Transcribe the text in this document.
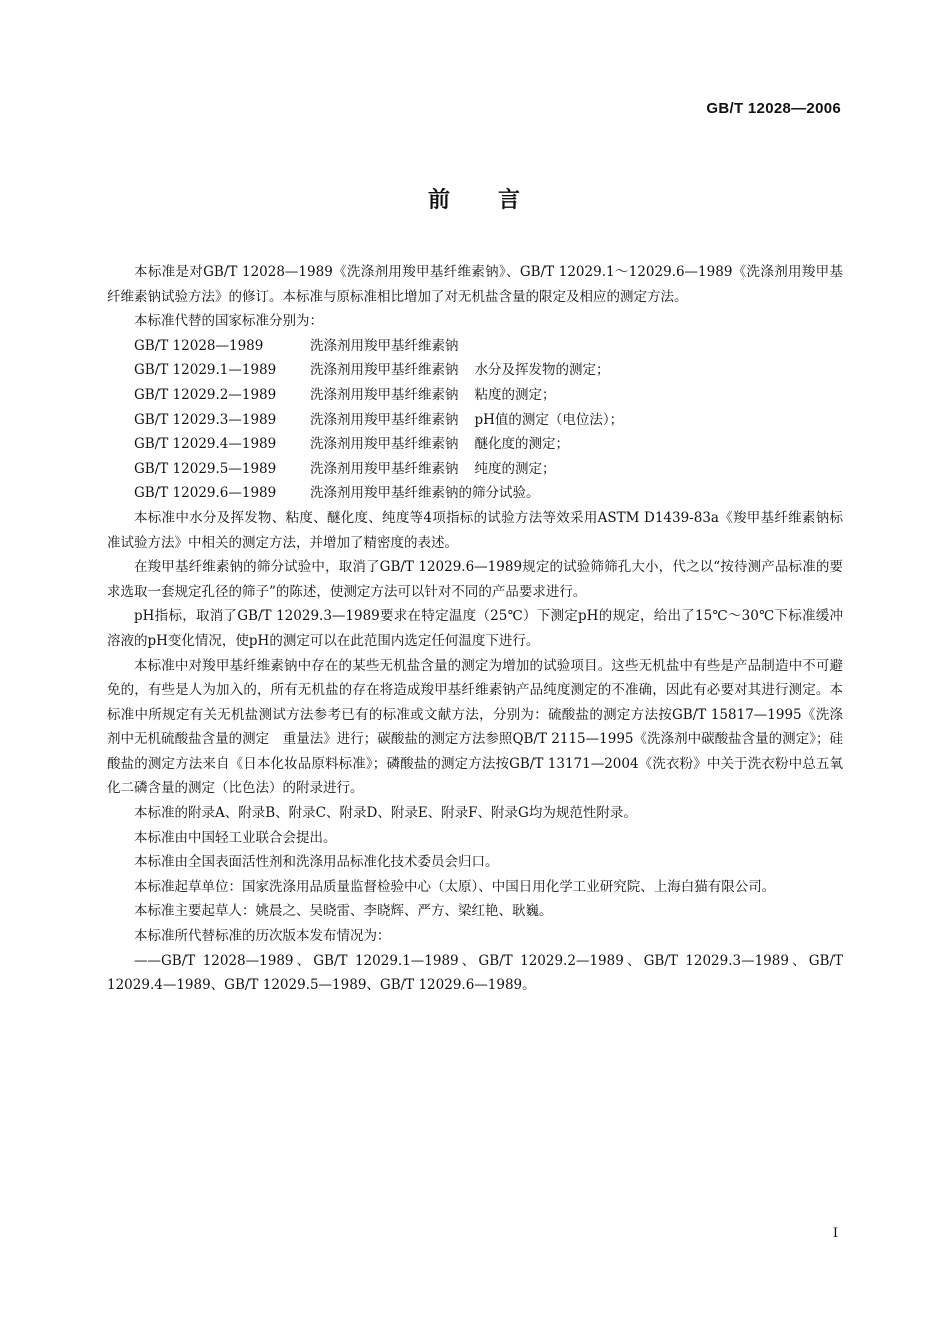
GB/T 12028—2006
前 言

本标准是对GB/T 12028—1989《洗涤剂用羧甲基纤维素钠》、GB/T 12029.1～12029.6—1989《洗涤剂用羧甲基纤维素钠试验方法》的修订。本标准与原标准相比增加了对无机盐含量的限定及相应的测定方法。

本标准代替的国家标准分别为：

GB/T 12028—1989	洗涤剂用羧甲基纤维素钠
GB/T 12029.1—1989	洗涤剂用羧甲基纤维素钠 水分及挥发物的测定；
GB/T 12029.2—1989	洗涤剂用羧甲基纤维素钠 粘度的测定；
GB/T 12029.3—1989	洗涤剂用羧甲基纤维素钠 pH值的测定（电位法）；
GB/T 12029.4—1989	洗涤剂用羧甲基纤维素钠 醚化度的测定；
GB/T 12029.5—1989	洗涤剂用羧甲基纤维素钠 纯度的测定；
GB/T 12029.6—1989	洗涤剂用羧甲基纤维素钠的筛分试验。

本标准中水分及挥发物、粘度、醚化度、纯度等4项指标的试验方法等效采用ASTM D1439-83a《羧甲基纤维素钠标准试验方法》中相关的测定方法，并增加了精密度的表述。

在羧甲基纤维素钠的筛分试验中，取消了GB/T 12029.6—1989规定的试验筛筛孔大小，代之以“按待测产品标准的要求选取一套规定孔径的筛子”的陈述，使测定方法可以针对不同的产品要求进行。

pH指标，取消了GB/T 12029.3—1989要求在特定温度（25℃）下测定pH的规定，给出了15℃～30℃下标准缓冲溶液的pH变化情况，使pH的测定可以在此范围内选定任何温度下进行。

本标准中对羧甲基纤维素钠中存在的某些无机盐含量的测定为增加的试验项目。这些无机盐中有些是产品制造中不可避免的，有些是人为加入的，所有无机盐的存在将造成羧甲基纤维素钠产品纯度测定的不准确，因此有必要对其进行测定。本标准中所规定有关无机盐测试方法参考已有的标准或文献方法，分别为：硫酸盐的测定方法按GB/T 15817—1995《洗涤剂中无机硫酸盐含量的测定　重量法》进行；碳酸盐的测定方法参照QB/T 2115—1995《洗涤剂中碳酸盐含量的测定》；硅酸盐的测定方法来自《日本化妆品原料标准》；磷酸盐的测定方法按GB/T 13171—2004《洗衣粉》中关于洗衣粉中总五氧化二磷含量的测定（比色法）的附录进行。

本标准的附录A、附录B、附录C、附录D、附录E、附录F、附录G均为规范性附录。

本标准由中国轻工业联合会提出。

本标准由全国表面活性剂和洗涤用品标准化技术委员会归口。

本标准起草单位：国家洗涤用品质量监督检验中心（太原）、中国日用化学工业研究院、上海白猫有限公司。

本标准主要起草人：姚晨之、吴晓雷、李晓辉、严方、梁红艳、耿巍。

本标准所代替标准的历次版本发布情况为：

——GB/T 12028—1989、GB/T 12029.1—1989、GB/T 12029.2—1989、GB/T 12029.3—1989、GB/T 12029.4—1989、GB/T 12029.5—1989、GB/T 12029.6—1989。

I
